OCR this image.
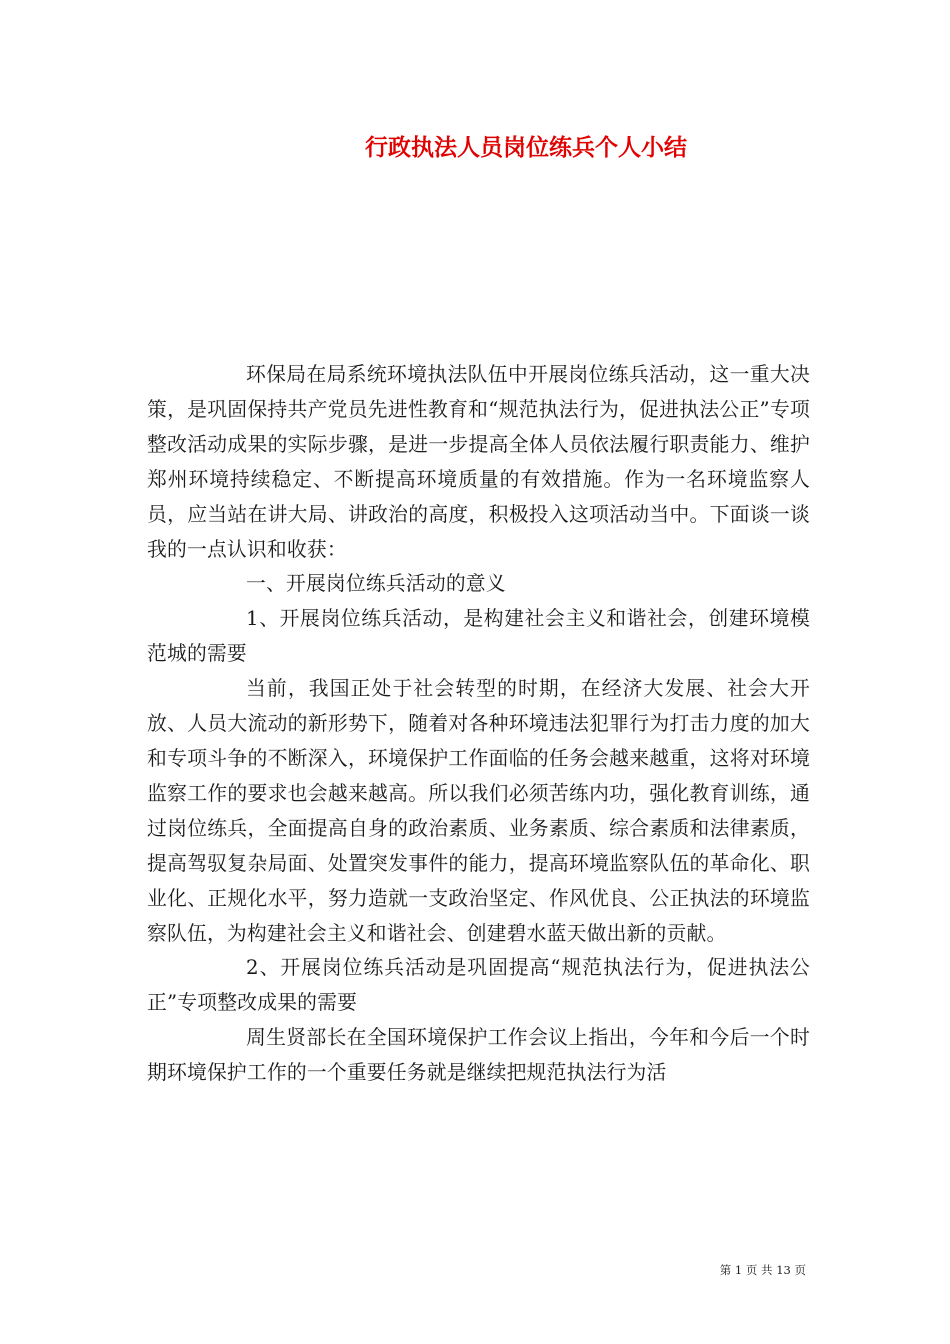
行政执法人员岗位练兵个人小结

环保局在局系统环境执法队伍中开展岗位练兵活动，这一重大决策，是巩固保持共产党员先进性教育和“规范执法行为，促进执法公正”专项整改活动成果的实际步骤，是进一步提高全体人员依法履行职责能力、维护郑州环境持续稳定、不断提高环境质量的有效措施。作为一名环境监察人员，应当站在讲大局、讲政治的高度，积极投入这项活动当中。下面谈一谈我的一点认识和收获：

一、开展岗位练兵活动的意义

1、开展岗位练兵活动，是构建社会主义和谐社会，创建环境模范城的需要

当前，我国正处于社会转型的时期，在经济大发展、社会大开放、人员大流动的新形势下，随着对各种环境违法犯罪行为打击力度的加大和专项斗争的不断深入，环境保护工作面临的任务会越来越重，这将对环境监察工作的要求也会越来越高。所以我们必须苦练内功，强化教育训练，通过岗位练兵，全面提高自身的政治素质、业务素质、综合素质和法律素质，提高驾驭复杂局面、处置突发事件的能力，提高环境监察队伍的革命化、职业化、正规化水平，努力造就一支政治坚定、作风优良、公正执法的环境监察队伍，为构建社会主义和谐社会、创建碧水蓝天做出新的贡献。

2、开展岗位练兵活动是巩固提高“规范执法行为，促进执法公正”专项整改成果的需要

周生贤部长在全国环境保护工作会议上指出，今年和今后一个时期环境保护工作的一个重要任务就是继续把规范执法行为活

第 1 页 共 13 页
